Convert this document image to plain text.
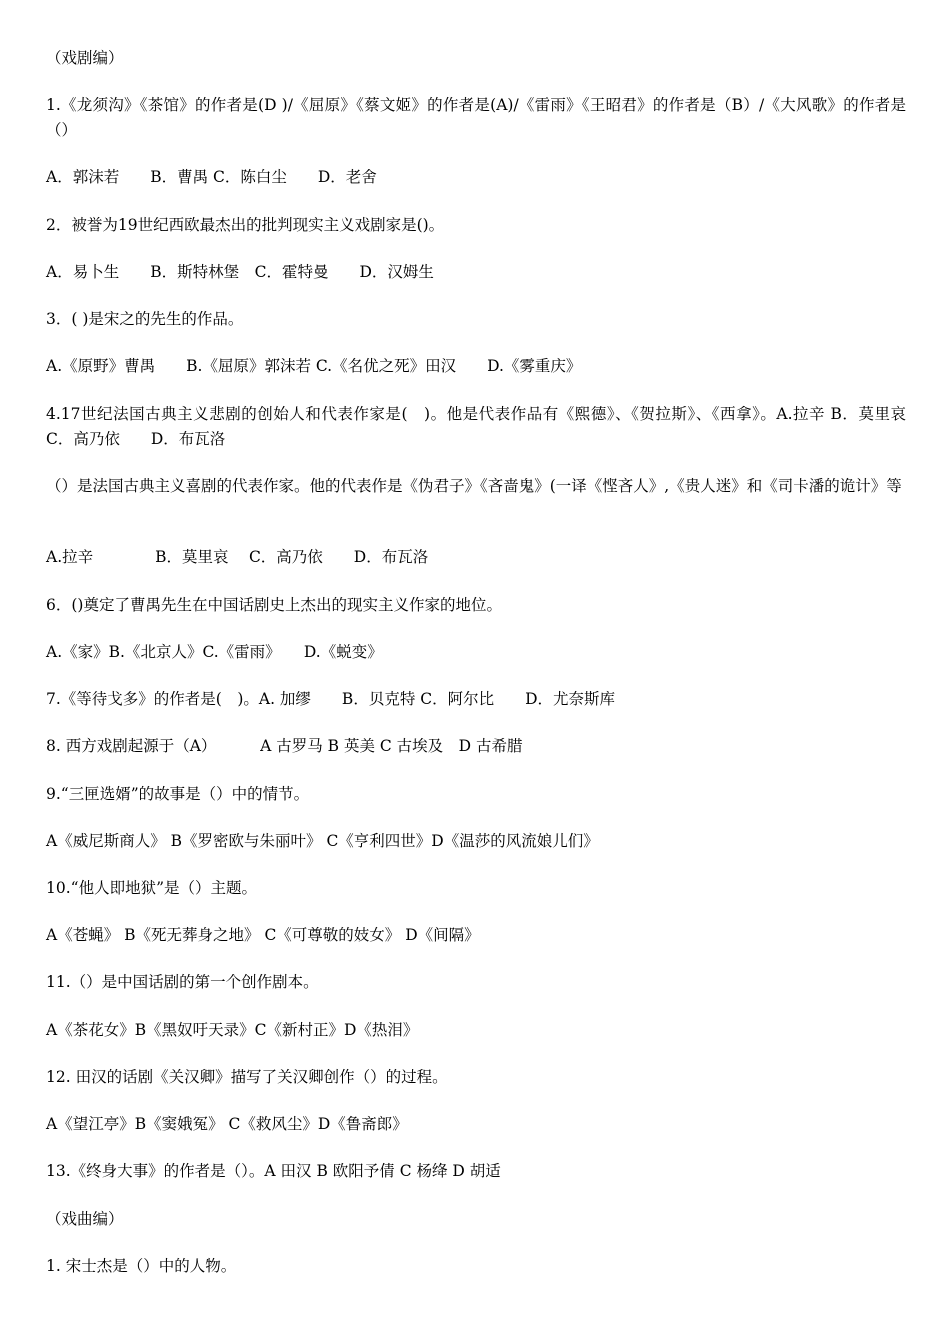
（戏剧编）
1.《龙须沟》《茶馆》的作者是(D )/《屈原》《蔡文姬》的作者是(A)/《雷雨》《王昭君》的作者是（B）/《大风歌》的作者是（）
A．郭沫若　　B．曹禺 C．陈白尘　　D．老舍
2．被誉为19世纪西欧最杰出的批判现实主义戏剧家是()。
A．易卜生　　B．斯特林堡　C．霍特曼　　D．汉姆生
3．( )是宋之的先生的作品。
A.《原野》曹禺　　B.《屈原》郭沫若 C.《名优之死》田汉　　D.《雾重庆》
4.17世纪法国古典主义悲剧的创始人和代表作家是(　)。他是代表作品有《熙德》、《贺拉斯》、《西拿》。A.拉辛 B．莫里哀　C．高乃依　　D．布瓦洛
（）是法国古典主义喜剧的代表作家。他的代表作是《伪君子》《吝啬鬼》(一译《悭吝人》,《贵人迷》和《司卡潘的诡计》等
A.拉辛　　　　B．莫里哀　 C．高乃依　　D．布瓦洛
6．()奠定了曹禺先生在中国话剧史上杰出的现实主义作家的地位。
A.《家》B.《北京人》C.《雷雨》　　D.《蜕变》
7.《等待戈多》的作者是(　)。A. 加缪　　B．贝克特 C．阿尔比　　D．尤奈斯库
8. 西方戏剧起源于（A）　　　 A 古罗马 B 英美 C 古埃及　D 古希腊
9.“三匣选婿”的故事是（）中的情节。
A《威尼斯商人》 B《罗密欧与朱丽叶》 C《亨利四世》D《温莎的风流娘儿们》
10.“他人即地狱”是（）主题。
A《苍蝇》 B《死无葬身之地》 C《可尊敬的妓女》 D《间隔》
11.（）是中国话剧的第一个创作剧本。
A《茶花女》B《黑奴吁天录》C《新村正》D《热泪》
12. 田汉的话剧《关汉卿》描写了关汉卿创作（）的过程。
A《望江亭》B《窦娥冤》 C《救风尘》D《鲁斋郎》
13.《终身大事》的作者是（）。A 田汉 B 欧阳予倩 C 杨绛 D 胡适
（戏曲编）
1. 宋士杰是（）中的人物。
